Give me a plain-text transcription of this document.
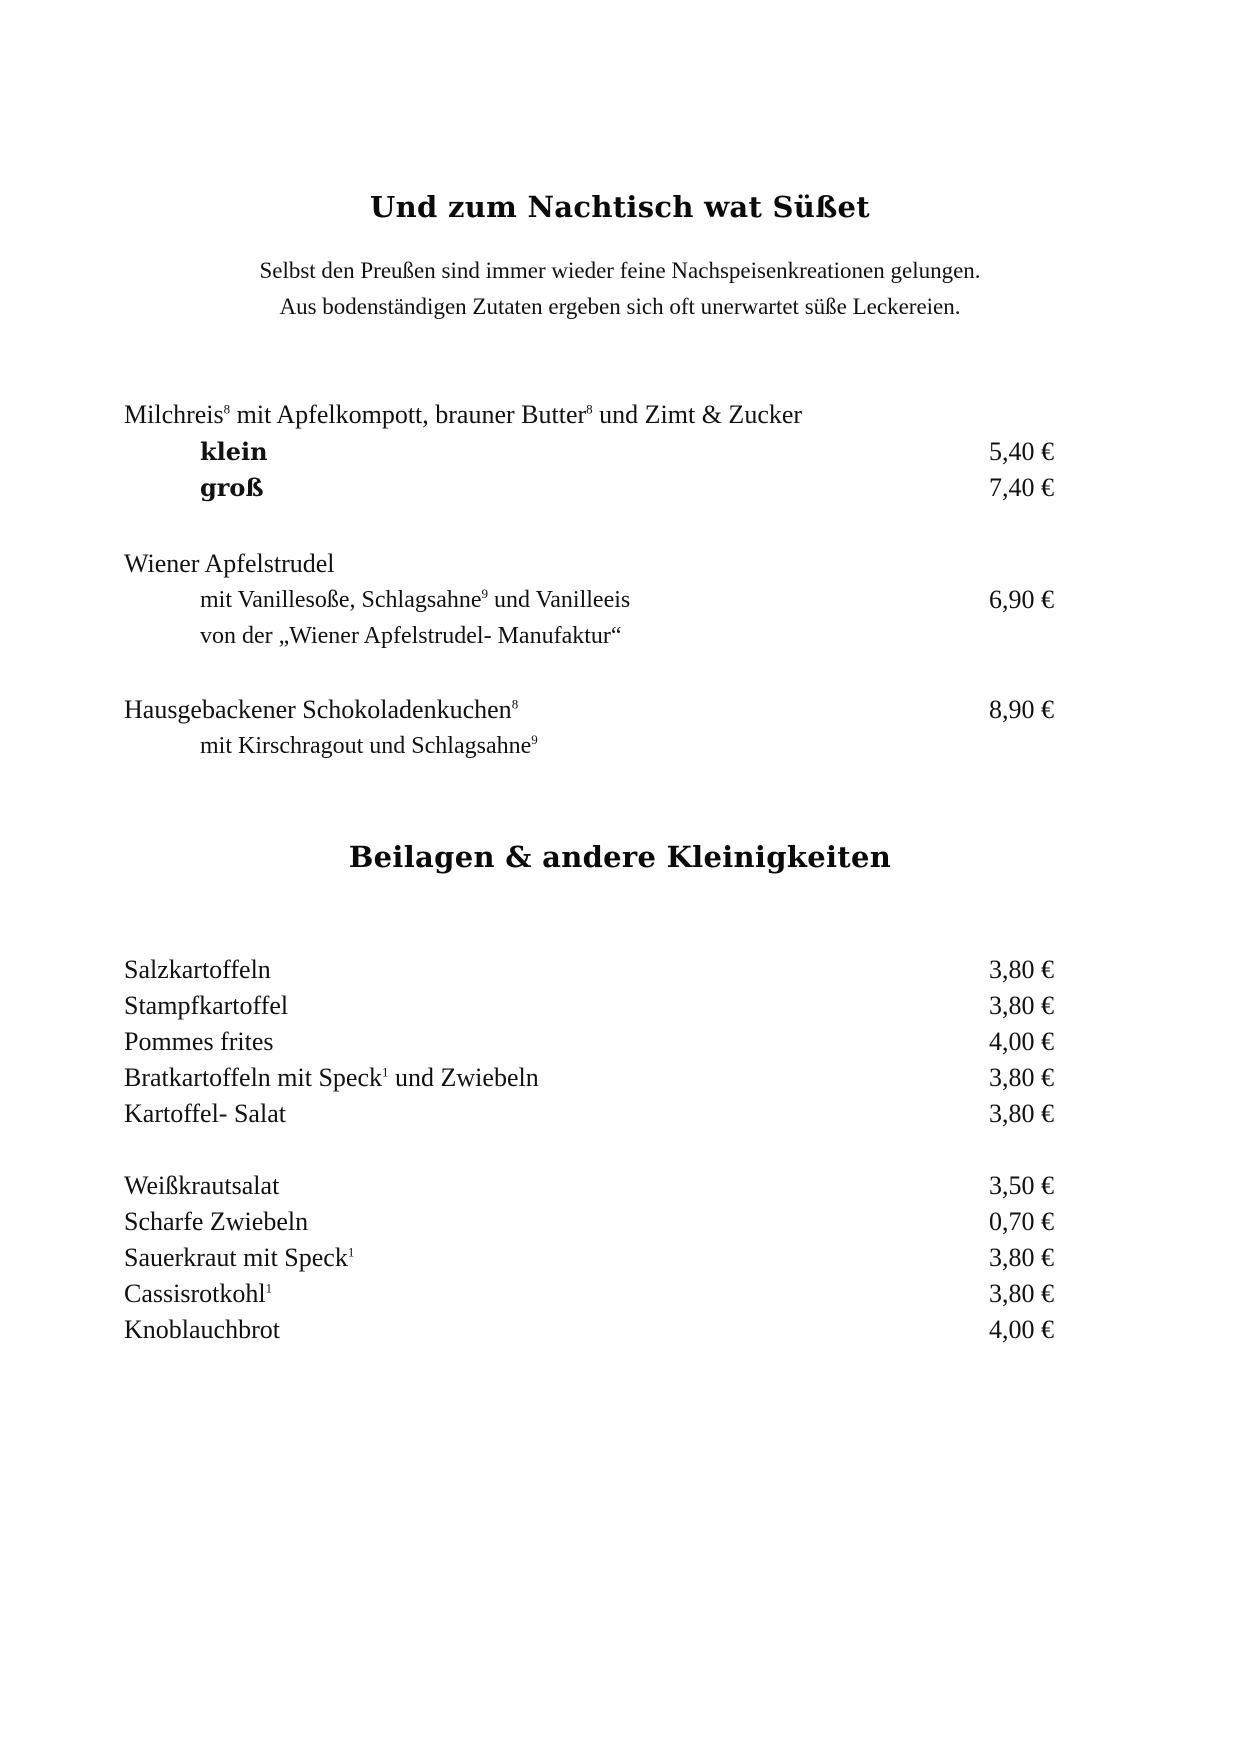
Und zum Nachtisch wat Süßet
Selbst den Preußen sind immer wieder feine Nachspeisenkreationen gelungen.
Aus bodenständigen Zutaten ergeben sich oft unerwartet süße Leckereien.
Milchreis$^8$ mit Apfelkompott, brauner Butter$^8$ und Zimt & Zucker
klein	5,40 €
groß	7,40 €
Wiener Apfelstrudel
mit Vanillesoße, Schlagsahne$^9$ und Vanilleeis	6,90 €
von der „Wiener Apfelstrudel- Manufaktur“
Hausgebackener Schokoladenkuchen$^8$	8,90 €
mit Kirschragout und Schlagsahne$^9$
Beilagen & andere Kleinigkeiten
Salzkartoffeln	3,80 €
Stampfkartoffel	3,80 €
Pommes frites	4,00 €
Bratkartoffeln mit Speck$^1$ und Zwiebeln	3,80 €
Kartoffel- Salat	3,80 €
Weißkrautsalat	3,50 €
Scharfe Zwiebeln	0,70 €
Sauerkraut mit Speck$^1$	3,80 €
Cassisrotkohl$^1$	3,80 €
Knoblauchbrot	4,00 €
